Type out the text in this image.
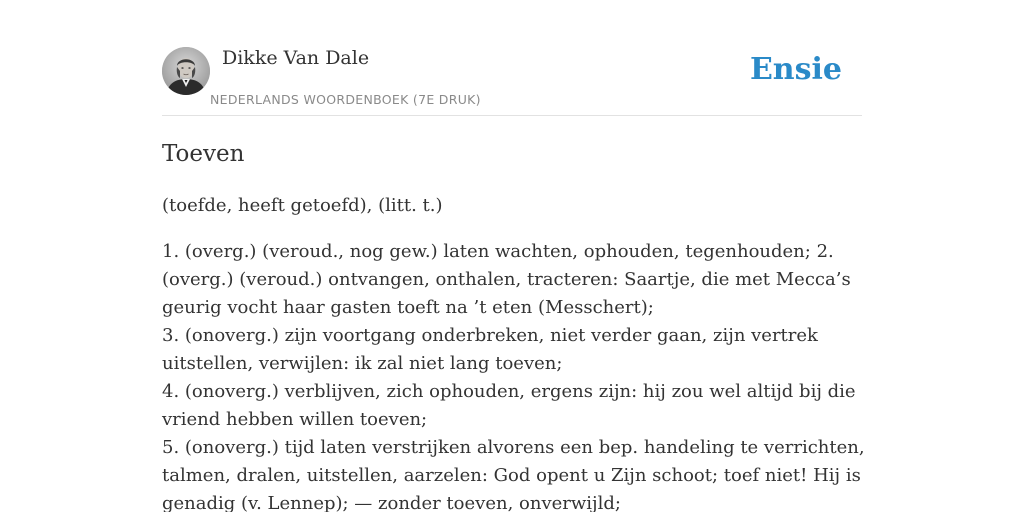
Dikke Van Dale
NEDERLANDS WOORDENBOEK (7E DRUK)
Ensie
Toeven

(toefde, heeft getoefd), (litt. t.)

1. (overg.) (veroud., nog gew.) laten wachten, ophouden, tegenhouden; 2. (overg.) (veroud.) ontvangen, onthalen, tracteren: Saartje, die met Mecca’s geurig vocht haar gasten toeft na ’t eten (Messchert);

3. (onoverg.) zijn voortgang onderbreken, niet verder gaan, zijn vertrek uitstellen, verwijlen: ik zal niet lang toeven;

4. (onoverg.) verblijven, zich ophouden, ergens zijn: hij zou wel altijd bij die vriend hebben willen toeven;

5. (onoverg.) tijd laten verstrijken alvorens een bep. handeling te verrichten, talmen, dralen, uitstellen, aarzelen: God opent u Zijn schoot; toef niet! Hij is genadig (v. Lennep); — zonder toeven, onverwijld;
